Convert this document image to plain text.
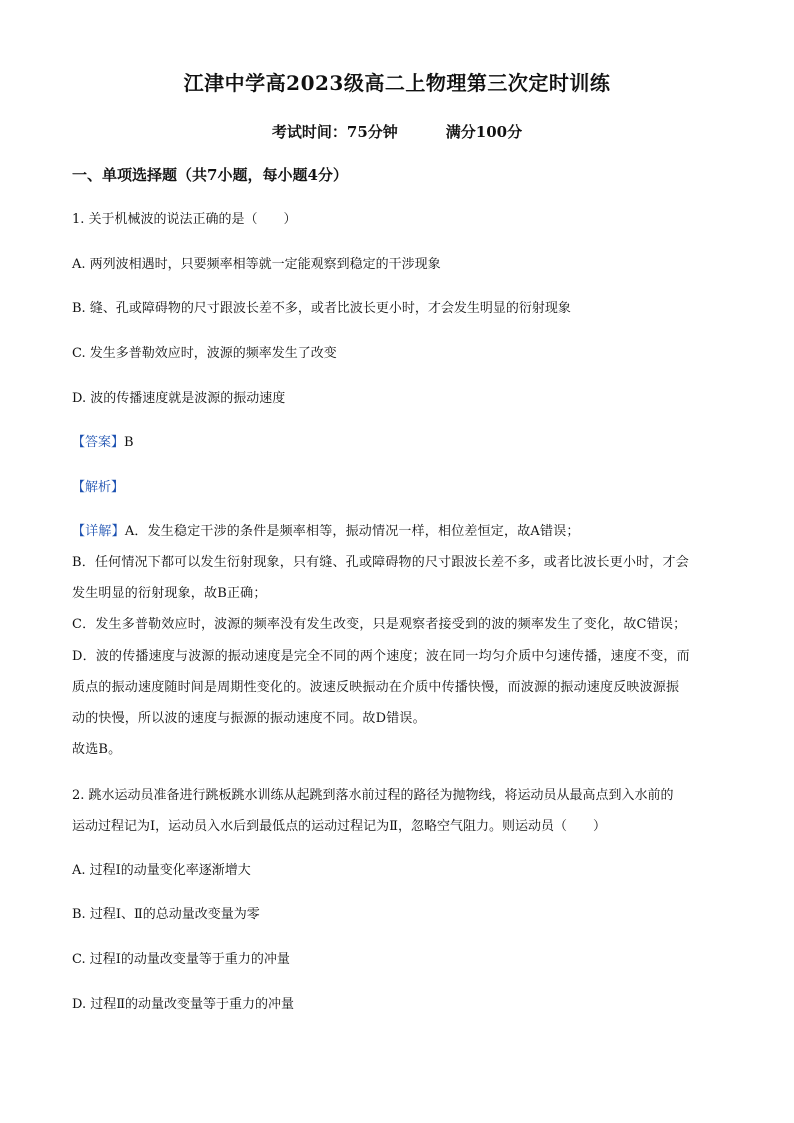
江津中学高2023级高二上物理第三次定时训练
考试时间：75分钟	满分100分
一、单项选择题（共7小题，每小题4分）
1. 关于机械波的说法正确的是（　　）
A. 两列波相遇时，只要频率相等就一定能观察到稳定的干涉现象
B. 缝、孔或障碍物的尺寸跟波长差不多，或者比波长更小时，才会发生明显的衍射现象
C. 发生多普勒效应时，波源的频率发生了改变
D. 波的传播速度就是波源的振动速度
【答案】B
【解析】
【详解】A．发生稳定干涉的条件是频率相等，振动情况一样，相位差恒定，故A错误；
B．任何情况下都可以发生衍射现象，只有缝、孔或障碍物的尺寸跟波长差不多，或者比波长更小时，才会
发生明显的衍射现象，故B正确；
C．发生多普勒效应时，波源的频率没有发生改变，只是观察者接受到的波的频率发生了变化，故C错误；
D．波的传播速度与波源的振动速度是完全不同的两个速度；波在同一均匀介质中匀速传播，速度不变，而
质点的振动速度随时间是周期性变化的。波速反映振动在介质中传播快慢，而波源的振动速度反映波源振
动的快慢，所以波的速度与振源的振动速度不同。故D错误。
故选B。
2. 跳水运动员准备进行跳板跳水训练从起跳到落水前过程的路径为抛物线，将运动员从最高点到入水前的
运动过程记为Ⅰ，运动员入水后到最低点的运动过程记为Ⅱ，忽略空气阻力。则运动员（　　）
A. 过程Ⅰ的动量变化率逐渐增大
B. 过程Ⅰ、Ⅱ的总动量改变量为零
C. 过程Ⅰ的动量改变量等于重力的冲量
D. 过程Ⅱ的动量改变量等于重力的冲量
